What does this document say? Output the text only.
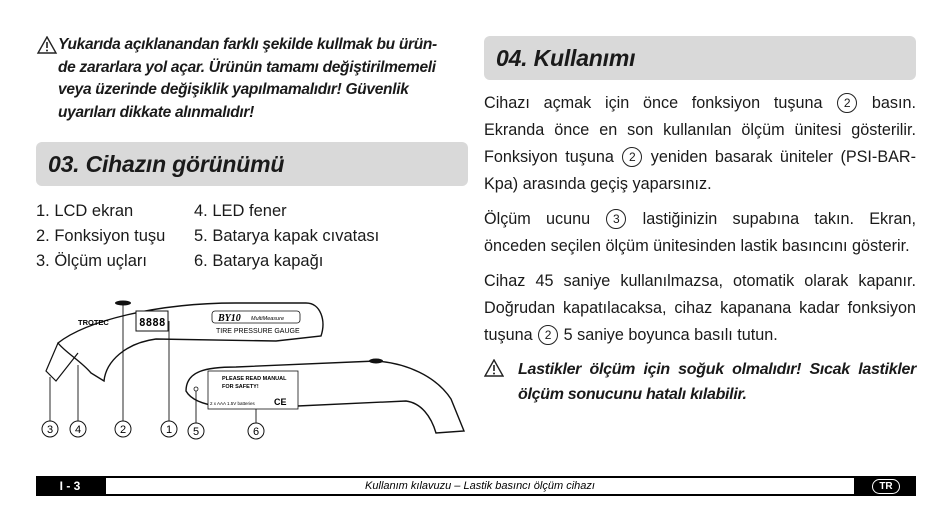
Yukarıda açıklanandan farklı şekilde kullmak bu ürün-
de zararlara yol açar. Ürünün tamamı değiştirilmemeli
veya üzerinde değişiklik yapılmamalıdır! Güvenlik
uyarıları dikkate alınmalıdır!
03. Cihazın görünümü
1. LCD ekran	4. LED fener
2. Fonksiyon tuşu	5. Batarya kapak cıvatası
3. Ölçüm uçları	6. Batarya kapağı
8888
TROTEC	BY10 MultiMeasure
TIRE PRESSURE GAUGE
PLEASE READ MANUAL
FOR SAFETY!
2 x AAA 1.5V batteries CE
3 4	2	1 5	6
04. Kullanımı

Cihazı açmak için önce fonksiyon tuşuna 2 basın. Ekranda önce en son kullanılan ölçüm ünitesi gösterilir. Fonksiyon tuşuna 2 yeniden basarak üniteler (PSI-BAR-Kpa) arasında geçiş yaparsınız.

Ölçüm ucunu 3 lastiğinizin supabına takın. Ekran, önceden seçilen ölçüm ünitesinden lastik basıncını gösterir.

Cihaz 45 saniye kullanılmazsa, otomatik olarak kapanır. Doğrudan kapatılacaksa, cihaz kapanana kadar fonksiyon tuşuna 2 5 saniye boyunca basılı tutun.

Lastikler ölçüm için soğuk olmalıdır! Sıcak lastikler ölçüm sonucunu hatalı kılabilir.
I - 3	Kullanım kılavuzu – Lastik basıncı ölçüm cihazı	TR
